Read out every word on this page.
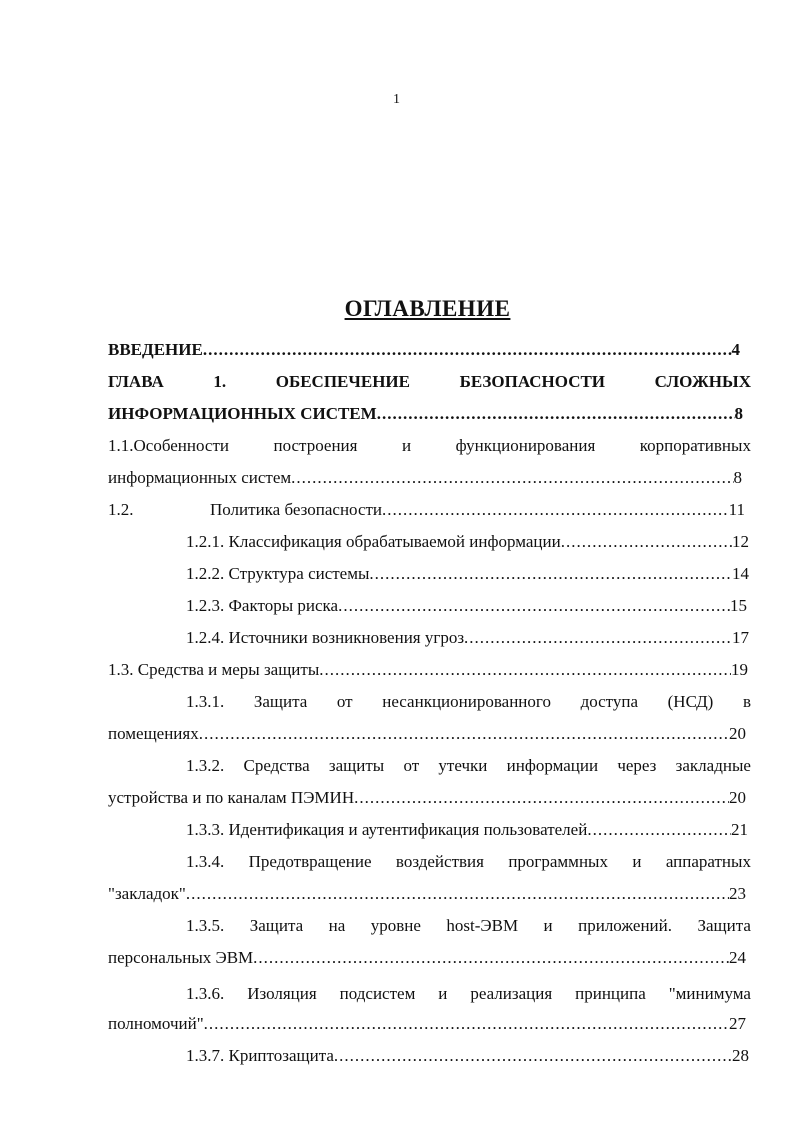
1
ОГЛАВЛЕНИЕ
ВВЕДЕНИЕ .....	4
ГЛАВА	1.	ОБЕСПЕЧЕНИЕ	БЕЗОПАСНОСТИ	СЛОЖНЫХ
ИНФОРМАЦИОННЫХ СИСТЕМ .....	8
1.1.Особенности	построения	и	функционирования	корпоративных
информационных систем .....	8
1.2.	Политика безопасности .....	11
1.2.1. Классификация обрабатываемой информации .....	12
1.2.2. Структура системы .....	14
1.2.3. Факторы риска .....	15
1.2.4. Источники возникновения угроз .....	17
1.3. Средства и меры защиты .....	19
1.3.1. Защита от несанкционированного доступа (НСД) в
помещениях .....	20
1.3.2. Средства защиты от утечки информации через закладные
устройства и по каналам ПЭМИН .....	20
1.3.3. Идентификация и аутентификация пользователей .....	21
1.3.4. Предотвращение воздействия программных и аппаратных
"закладок" .....	23
1.3.5. Защита на уровне host-ЭВМ и приложений. Защита
персональных ЭВМ .....	24
1.3.6. Изоляция подсистем и реализация принципа "минимума
полномочий" .....	27
1.3.7. Криптозащита .....	28
